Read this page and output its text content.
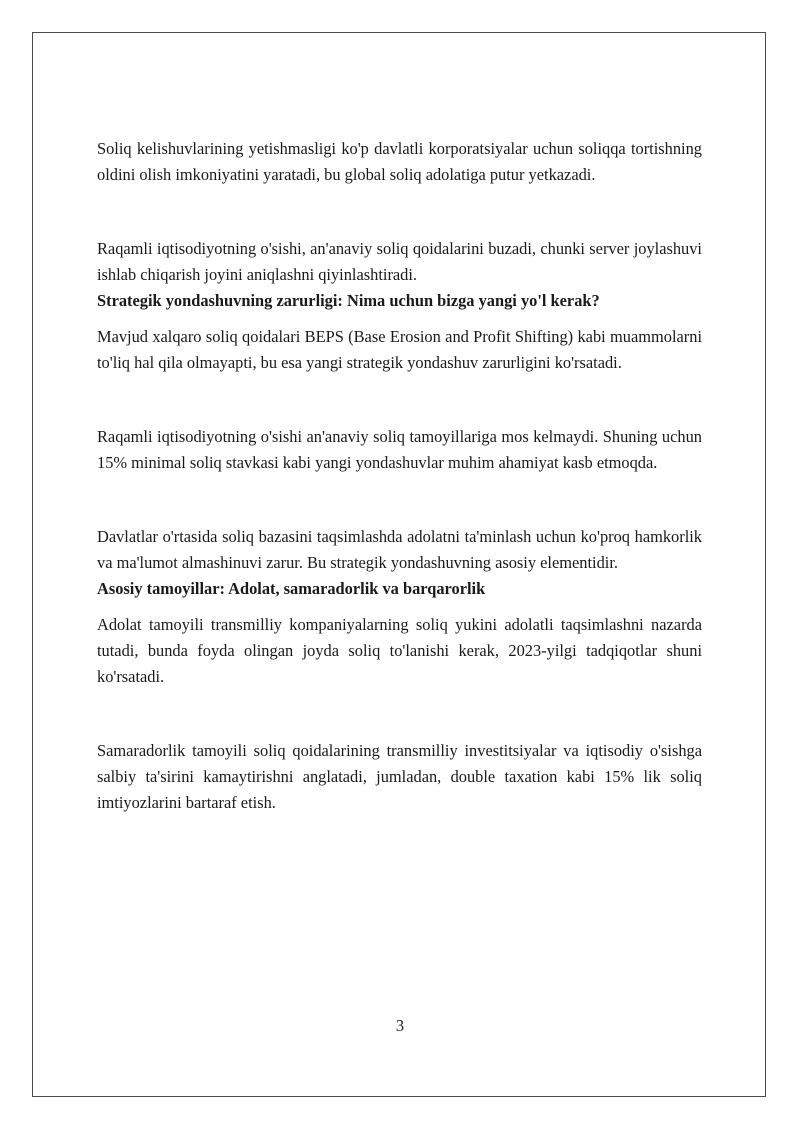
Soliq kelishuvlarining yetishmasligi ko'p davlatli korporatsiyalar uchun soliqqa tortishning oldini olish imkoniyatini yaratadi, bu global soliq adolatiga putur yetkazadi.

Raqamli iqtisodiyotning o'sishi, an'anaviy soliq qoidalarini buzadi, chunki server joylashuvi ishlab chiqarish joyini aniqlashni qiyinlashtiradi.

Strategik yondashuvning zarurligi: Nima uchun bizga yangi yo'l kerak?

Mavjud xalqaro soliq qoidalari BEPS (Base Erosion and Profit Shifting) kabi muammolarni to'liq hal qila olmayapti, bu esa yangi strategik yondashuv zarurligini ko'rsatadi.

Raqamli iqtisodiyotning o'sishi an'anaviy soliq tamoyillariga mos kelmaydi. Shuning uchun 15% minimal soliq stavkasi kabi yangi yondashuvlar muhim ahamiyat kasb etmoqda.

Davlatlar o'rtasida soliq bazasini taqsimlashda adolatni ta'minlash uchun ko'proq hamkorlik va ma'lumot almashinuvi zarur. Bu strategik yondashuvning asosiy elementidir.

Asosiy tamoyillar: Adolat, samaradorlik va barqarorlik

Adolat tamoyili transmilliy kompaniyalarning soliq yukini adolatli taqsimlashni nazarda tutadi, bunda foyda olingan joyda soliq to'lanishi kerak, 2023-yilgi tadqiqotlar shuni ko'rsatadi.

Samaradorlik tamoyili soliq qoidalarining transmilliy investitsiyalar va iqtisodiy o'sishga salbiy ta'sirini kamaytirishni anglatadi, jumladan, double taxation kabi 15% lik soliq imtiyozlarini bartaraf etish.

3
